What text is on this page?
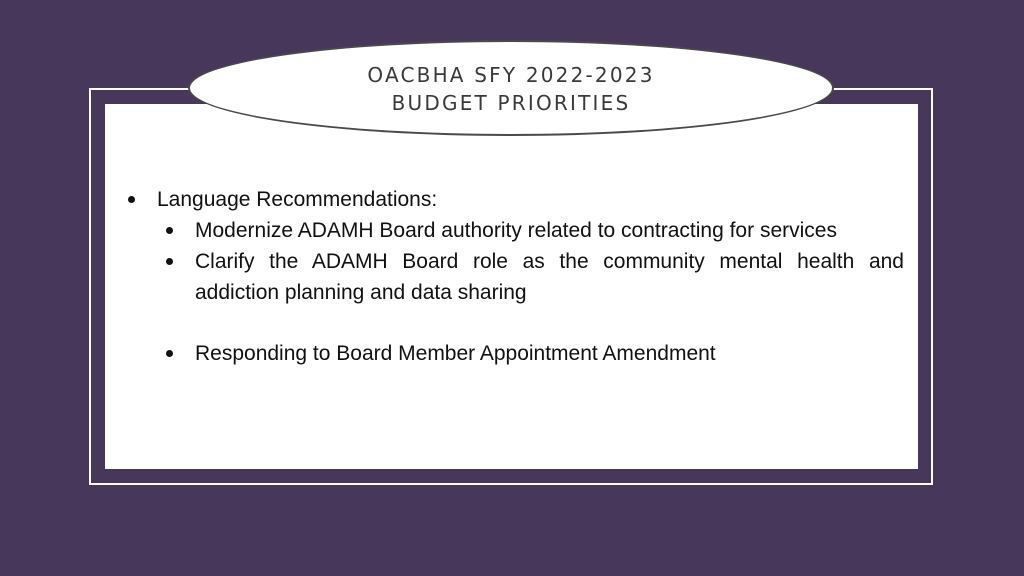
OACBHA SFY 2022-2023
BUDGET PRIORITIES
Language Recommendations:
Modernize ADAMH Board authority related to contracting for services
Clarify the ADAMH Board role as the community mental health and addiction planning and data sharing
Responding to Board Member Appointment Amendment
